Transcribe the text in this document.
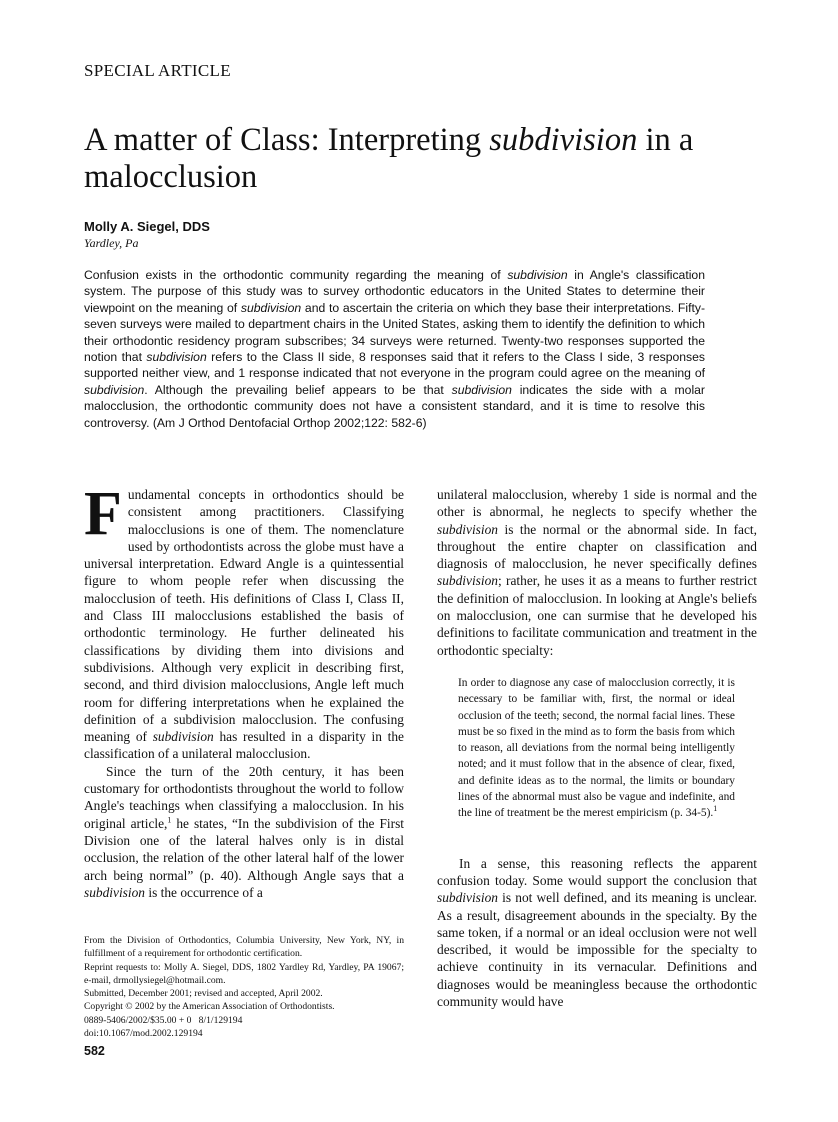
SPECIAL ARTICLE
A matter of Class: Interpreting subdivision in a malocclusion
Molly A. Siegel, DDS
Yardley, Pa
Confusion exists in the orthodontic community regarding the meaning of subdivision in Angle's classification system. The purpose of this study was to survey orthodontic educators in the United States to determine their viewpoint on the meaning of subdivision and to ascertain the criteria on which they base their interpretations. Fifty-seven surveys were mailed to department chairs in the United States, asking them to identify the definition to which their orthodontic residency program subscribes; 34 surveys were returned. Twenty-two responses supported the notion that subdivision refers to the Class II side, 8 responses said that it refers to the Class I side, 3 responses supported neither view, and 1 response indicated that not everyone in the program could agree on the meaning of subdivision. Although the prevailing belief appears to be that subdivision indicates the side with a molar malocclusion, the orthodontic community does not have a consistent standard, and it is time to resolve this controversy. (Am J Orthod Dentofacial Orthop 2002;122: 582-6)

Fundamental concepts in orthodontics should be consistent among practitioners. Classifying malocclusions is one of them. The nomenclature used by orthodontists across the globe must have a universal interpretation. Edward Angle is a quintessential figure to whom people refer when discussing the malocclusion of teeth. His definitions of Class I, Class II, and Class III malocclusions established the basis of orthodontic terminology. He further delineated his classifications by dividing them into divisions and subdivisions. Although very explicit in describing first, second, and third division malocclusions, Angle left much room for differing interpretations when he explained the definition of a subdivision malocclusion. The confusing meaning of subdivision has resulted in a disparity in the classification of a unilateral malocclusion.

Since the turn of the 20th century, it has been customary for orthodontists throughout the world to follow Angle's teachings when classifying a malocclusion. In his original article,$^1$ he states, “In the subdivision of the First Division one of the lateral halves only is in distal occlusion, the relation of the other lateral half of the lower arch being normal” (p. 40). Although Angle says that a subdivision is the occurrence of a

unilateral malocclusion, whereby 1 side is normal and the other is abnormal, he neglects to specify whether the subdivision is the normal or the abnormal side. In fact, throughout the entire chapter on classification and diagnosis of malocclusion, he never specifically defines subdivision; rather, he uses it as a means to further restrict the definition of malocclusion. In looking at Angle's beliefs on malocclusion, one can surmise that he developed his definitions to facilitate communication and treatment in the orthodontic specialty:

In order to diagnose any case of malocclusion correctly, it is necessary to be familiar with, first, the normal or ideal occlusion of the teeth; second, the normal facial lines. These must be so fixed in the mind as to form the basis from which to reason, all deviations from the normal being intelligently noted; and it must follow that in the absence of clear, fixed, and definite ideas as to the normal, the limits or boundary lines of the abnormal must also be vague and indefinite, and the line of treatment be the merest empiricism (p. 34-5).$^1$

In a sense, this reasoning reflects the apparent confusion today. Some would support the conclusion that subdivision is not well defined, and its meaning is unclear. As a result, disagreement abounds in the specialty. By the same token, if a normal or an ideal occlusion were not well described, it would be impossible for the specialty to achieve continuity in its vernacular. Definitions and diagnoses would be meaningless because the orthodontic community would have

From the Division of Orthodontics, Columbia University, New York, NY, in fulfillment of a requirement for orthodontic certification.
Reprint requests to: Molly A. Siegel, DDS, 1802 Yardley Rd, Yardley, PA 19067; e-mail, drmollysiegel@hotmail.com.
Submitted, December 2001; revised and accepted, April 2002.
Copyright © 2002 by the American Association of Orthodontists.
0889-5406/2002/$35.00 + 0   8/1/129194
doi:10.1067/mod.2002.129194
582
